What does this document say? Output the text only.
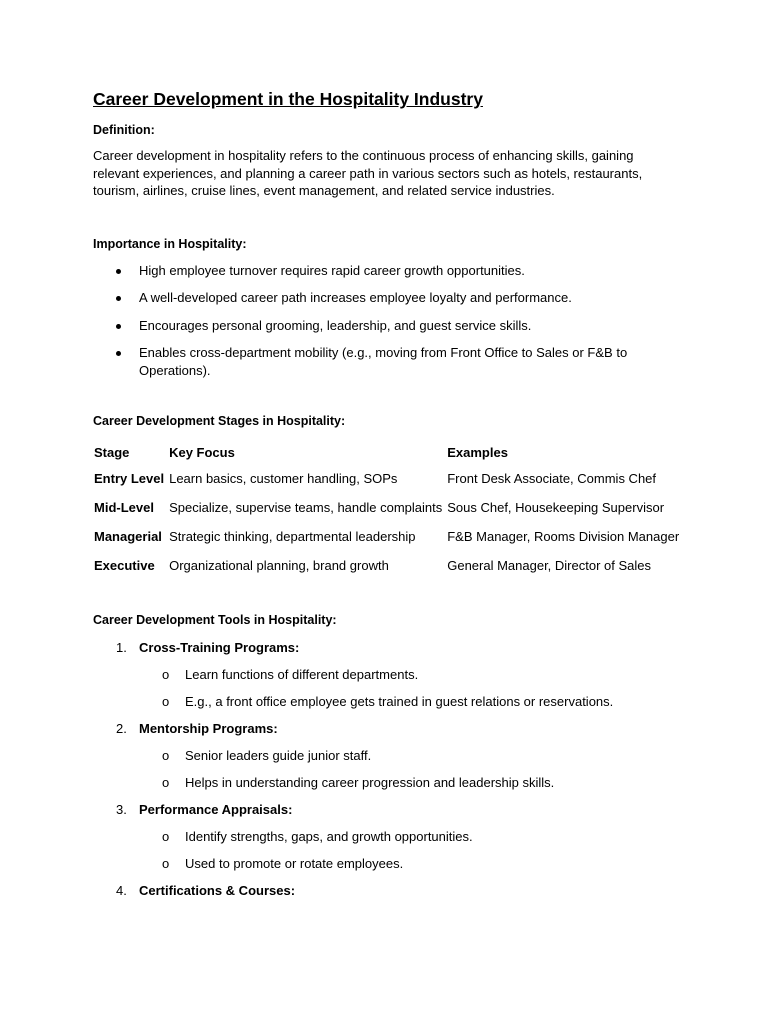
Career Development in the Hospitality Industry
Definition:

Career development in hospitality refers to the continuous process of enhancing skills, gaining relevant experiences, and planning a career path in various sectors such as hotels, restaurants, tourism, airlines, cruise lines, event management, and related service industries.

Importance in Hospitality:
High employee turnover requires rapid career growth opportunities.
A well-developed career path increases employee loyalty and performance.
Encourages personal grooming, leadership, and guest service skills.
Enables cross-department mobility (e.g., moving from Front Office to Sales or F&B to Operations).
Career Development Stages in Hospitality:
Stage	Key Focus	Examples
Entry Level	Learn basics, customer handling, SOPs	Front Desk Associate, Commis Chef
Mid-Level	Specialize, supervise teams, handle complaints	Sous Chef, Housekeeping Supervisor
Managerial	Strategic thinking, departmental leadership	F&B Manager, Rooms Division Manager
Executive	Organizational planning, brand growth	General Manager, Director of Sales
Career Development Tools in Hospitality:
1. Cross-Training Programs:
o Learn functions of different departments.
o E.g., a front office employee gets trained in guest relations or reservations.
2. Mentorship Programs:
o Senior leaders guide junior staff.
o Helps in understanding career progression and leadership skills.
3. Performance Appraisals:
o Identify strengths, gaps, and growth opportunities.
o Used to promote or rotate employees.
4. Certifications & Courses:
